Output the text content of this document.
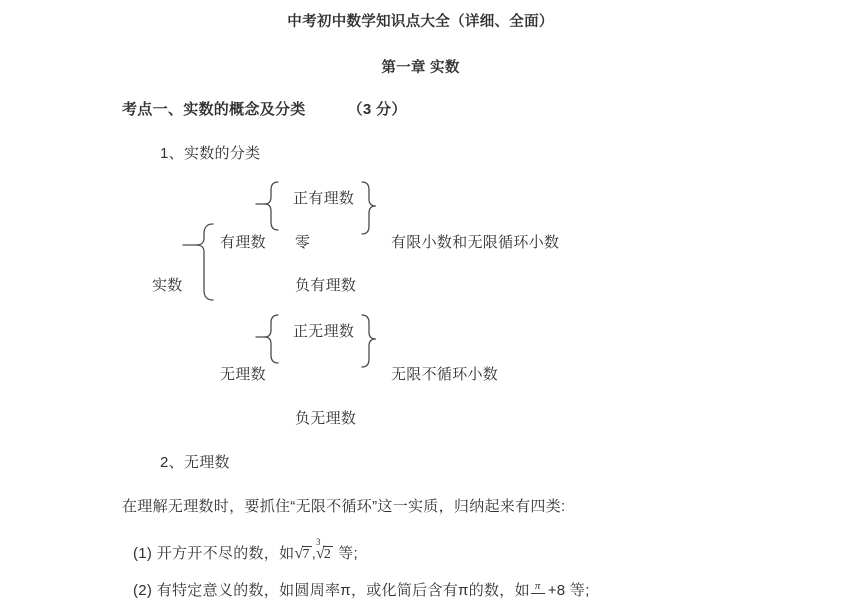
中考初中数学知识点大全（详细、全面）
第一章 实数
考点一、实数的概念及分类	（3 分）
1、实数的分类
正有理数
有理数 零	有限小数和无限循环小数
实数	负有理数
正无理数
无理数	无限不循环小数
负无理数
2、无理数
在理解无理数时，要抓住“无限不循环”这一实质，归纳起来有四类:
(1) 开方开不尽的数，如√7 ,$^3$√2 等;
(2) 有特定意义的数，如圆周率π，或化简后含有π的数，如 π +8 等;
